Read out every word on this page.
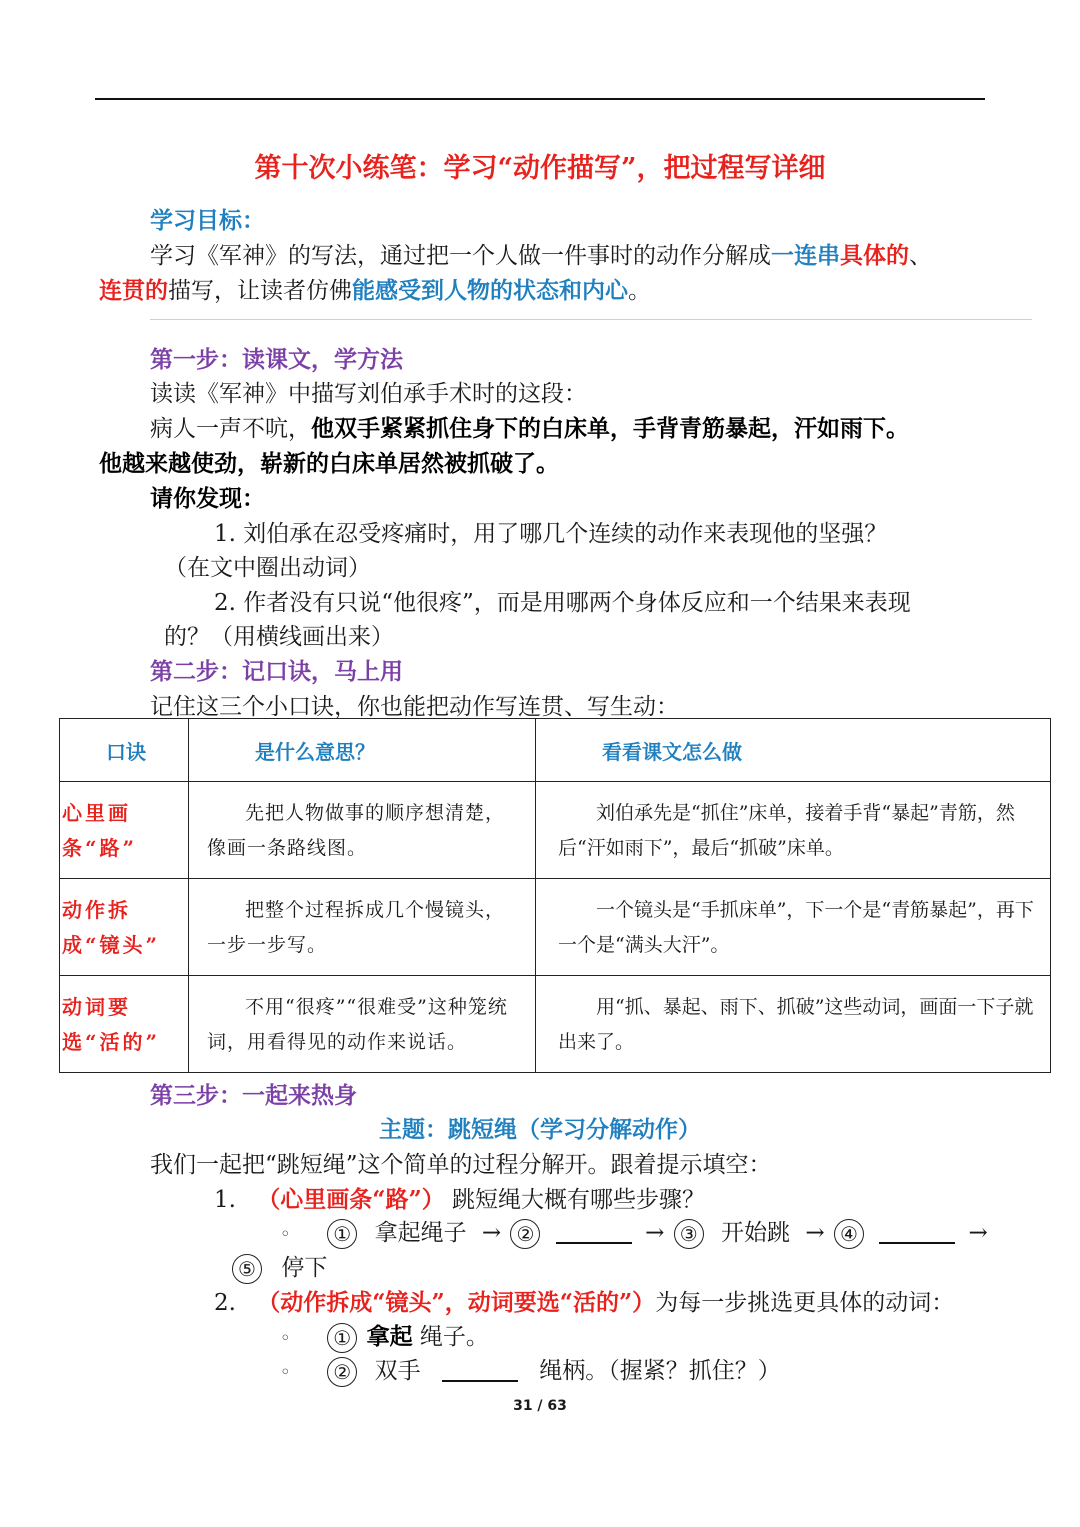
第十次小练笔：学习“动作描写”，把过程写详细
学习目标：
学习《军神》的写法，通过把一个人做一件事时的动作分解成一连串具体的、
连贯的描写，让读者仿佛能感受到人物的状态和内心。
第一步：读课文，学方法
读读《军神》中描写刘伯承手术时的这段：
病人一声不吭，他双手紧紧抓住身下的白床单，手背青筋暴起，汗如雨下。
他越来越使劲，崭新的白床单居然被抓破了。
请你发现：
1. 刘伯承在忍受疼痛时，用了哪几个连续的动作来表现他的坚强？
（在文中圈出动词）
2. 作者没有只说“他很疼”，而是用哪两个身体反应和一个结果来表现
的？（用横线画出来）
第二步：记口诀，马上用
记住这三个小口诀，你也能把动作写连贯、写生动：
口诀	是什么意思？	看看课文怎么做

心里画条“路”	先把人物做事的顺序想清楚，像画一条路线图。	刘伯承先是“抓住”床单，接着手背“暴起”青筋，然后“汗如雨下”，最后“抓破”床单。

动作拆成“镜头”	把整个过程拆成几个慢镜头，一步一步写。	一个镜头是“手抓床单”，下一个是“青筋暴起”，再下一个是“满头大汗”。

动词要选“活的”	不用“很疼”“很难受”这种笼统词，用看得见的动作来说话。	用“抓、暴起、雨下、抓破”这些动词，画面一下子就出来了。
第三步：一起来热身
主题：跳短绳（学习分解动作）
我们一起把“跳短绳”这个简单的过程分解开。跟着提示填空：
1. （心里画条“路”） 跳短绳大概有哪些步骤？
◦ ① 拿起绳子 → ②	→ ③ 开始跳 → ④	→
⑤ 停下
2. （动作拆成“镜头”，动词要选“活的”）为每一步挑选更具体的动词：
◦ ① 拿起 绳子。
◦ ② 双手	绳柄。（握紧？抓住？）
31 / 63
